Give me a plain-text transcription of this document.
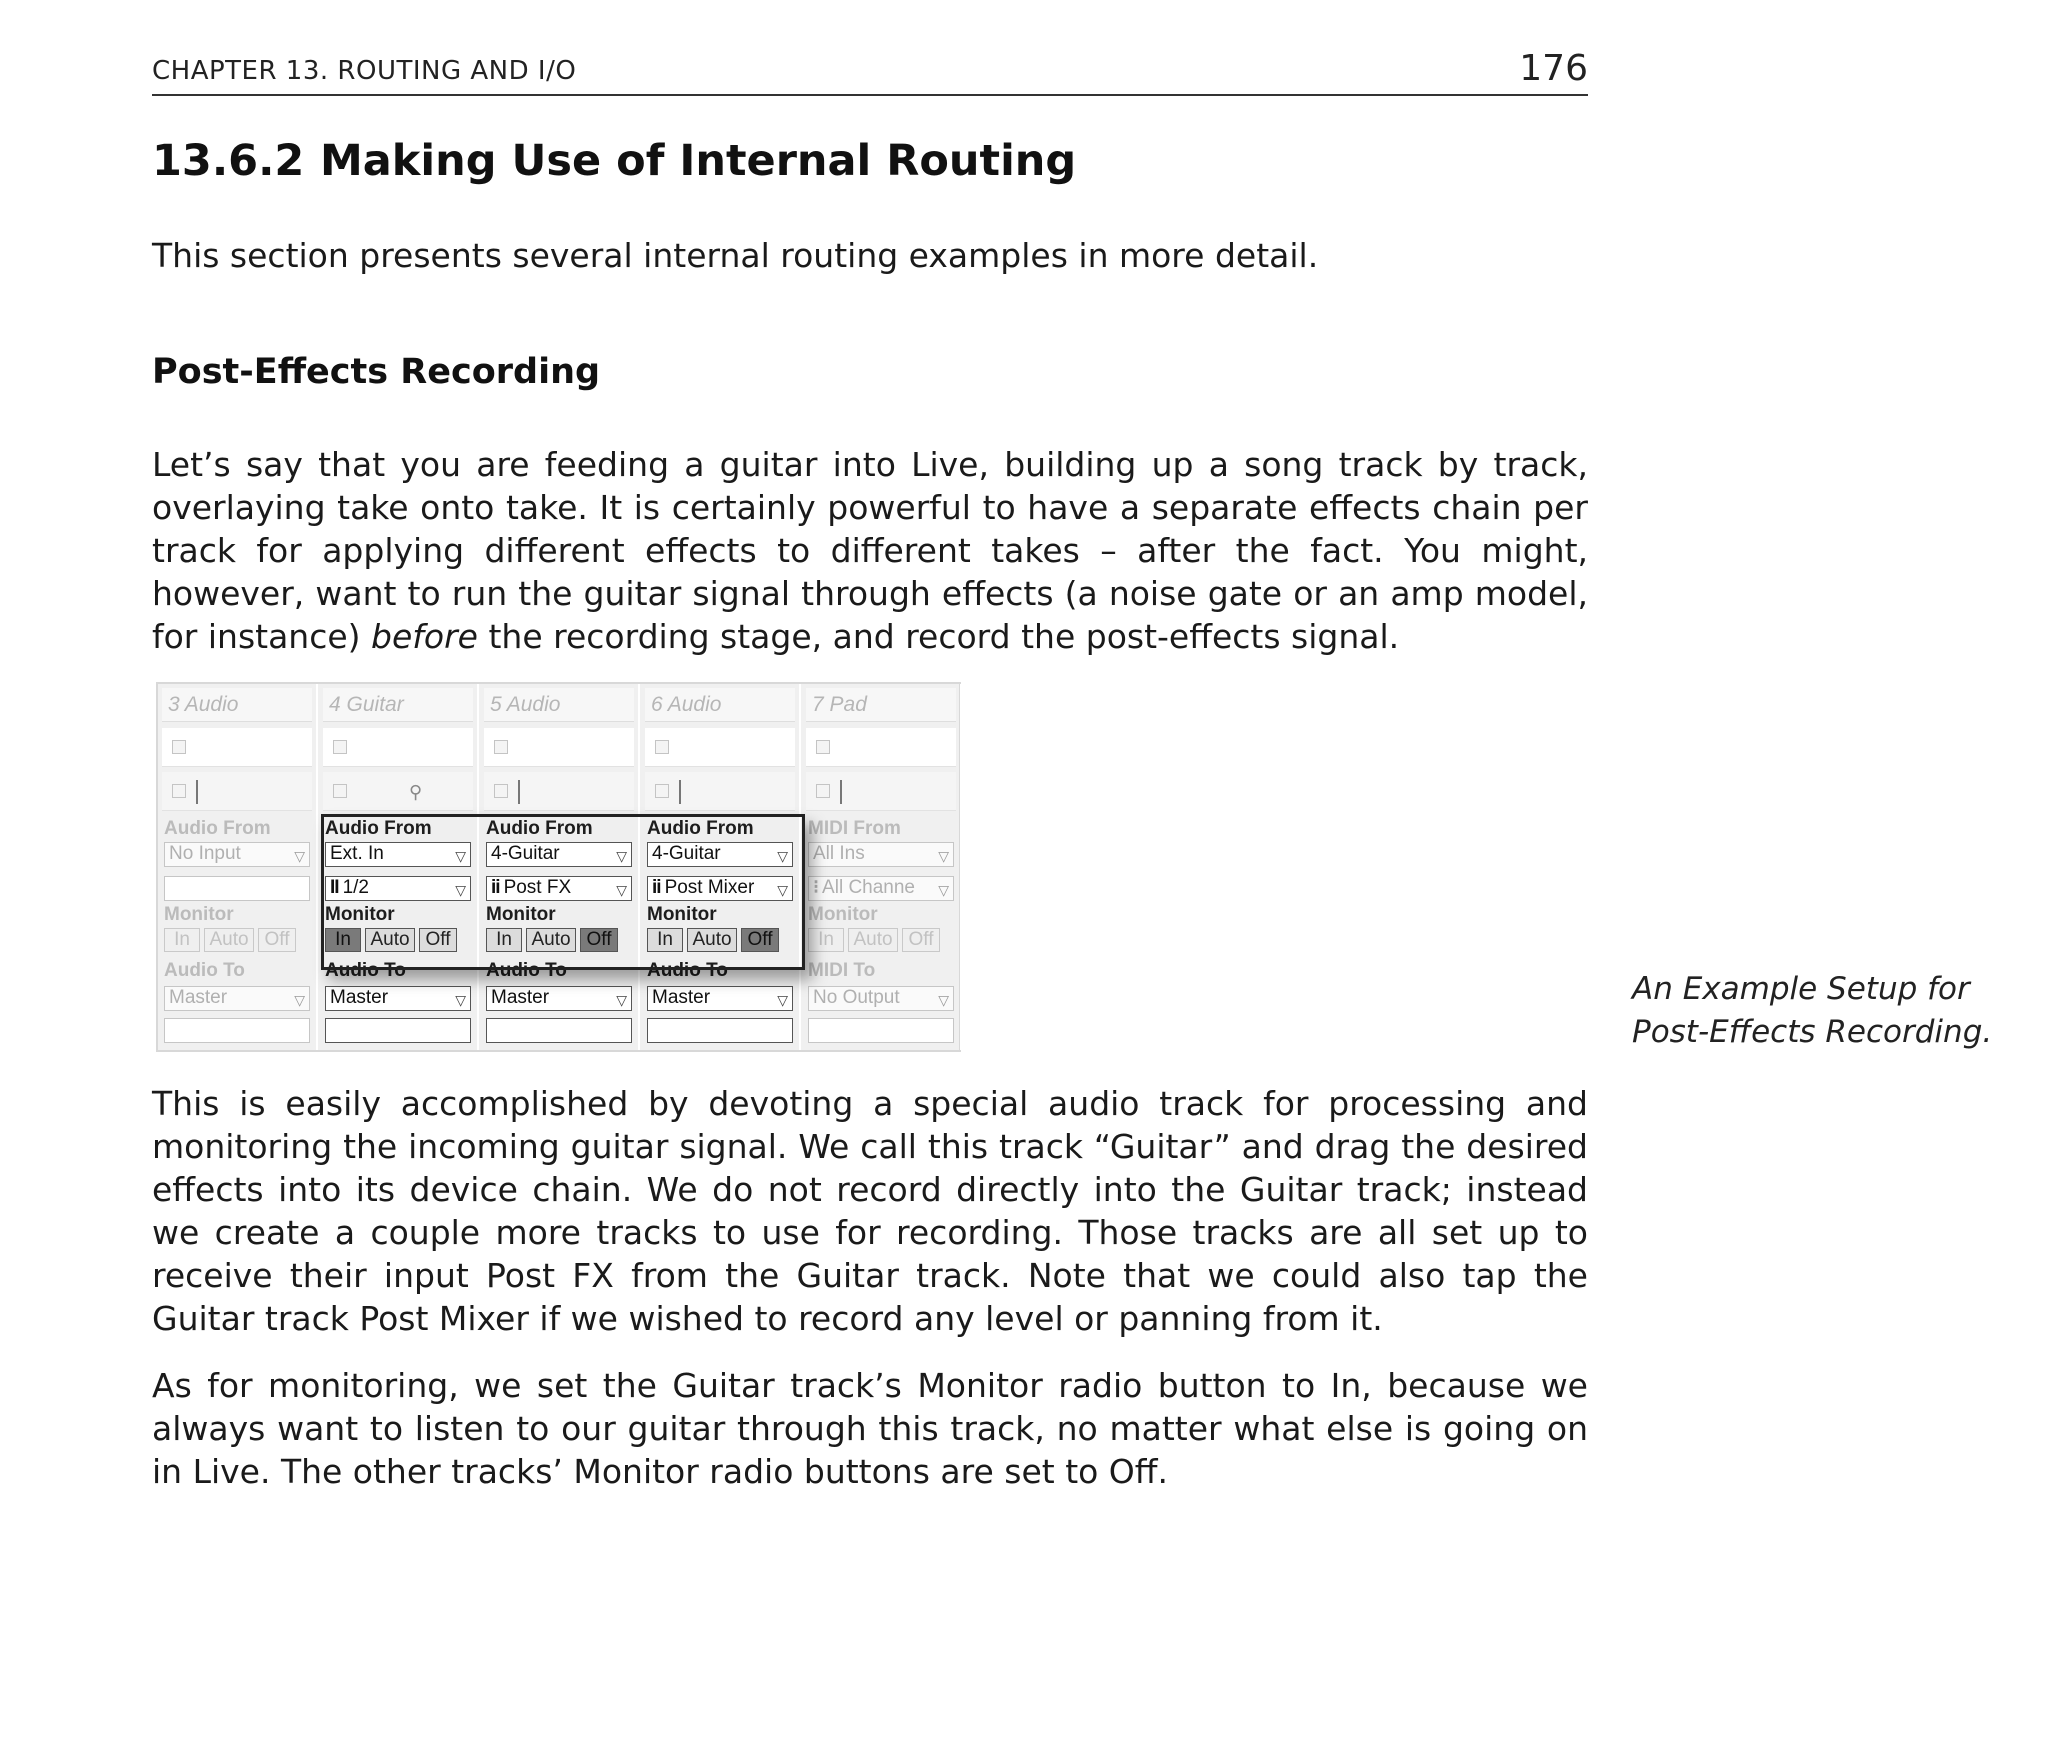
CHAPTER 13. ROUTING AND I/O	176
13.6.2 Making Use of Internal Routing
This section presents several internal routing examples in more detail.
Post-Effects Recording
Let’s say that you are feeding a guitar into Live, building up a song track by track, overlaying take onto take. It is certainly powerful to have a separate effects chain per track for applying different effects to different takes – after the fact. You might, however, want to run the guitar signal through effects (a noise gate or an amp model, for instance) before the recording stage, and record the post-effects signal.
3 Audio
Audio From
No Input	▽
Monitor
In	Auto Off
Audio To
Master	▽
4 Guitar
⚲
Audio From
Ext. In	▽
II 1/2	▽
Monitor
In	Auto Off
Audio To
Master	▽
5 Audio
Audio From
4-Guitar	▽
ii Post FX	▽
Monitor
In	Auto Off
Audio To
Master	▽
6 Audio
Audio From
4-Guitar	▽
ii Post Mixer ▽
Monitor
In	Auto Off
Audio To
Master	▽
7 Pad
MIDI From
All Ins	▽
⁝ All Channe ▽
Monitor
In	Auto Off
MIDI To
No Output	▽	An Example Setup for
Post-Effects Recording.
This is easily accomplished by devoting a special audio track for processing and monitoring the incoming guitar signal. We call this track “Guitar” and drag the desired effects into its device chain. We do not record directly into the Guitar track; instead we create a couple more tracks to use for recording. Those tracks are all set up to receive their input Post FX from the Guitar track. Note that we could also tap the Guitar track Post Mixer if we wished to record any level or panning from it.
As for monitoring, we set the Guitar track’s Monitor radio button to In, because we always want to listen to our guitar through this track, no matter what else is going on in Live. The other tracks’ Monitor radio buttons are set to Off.
